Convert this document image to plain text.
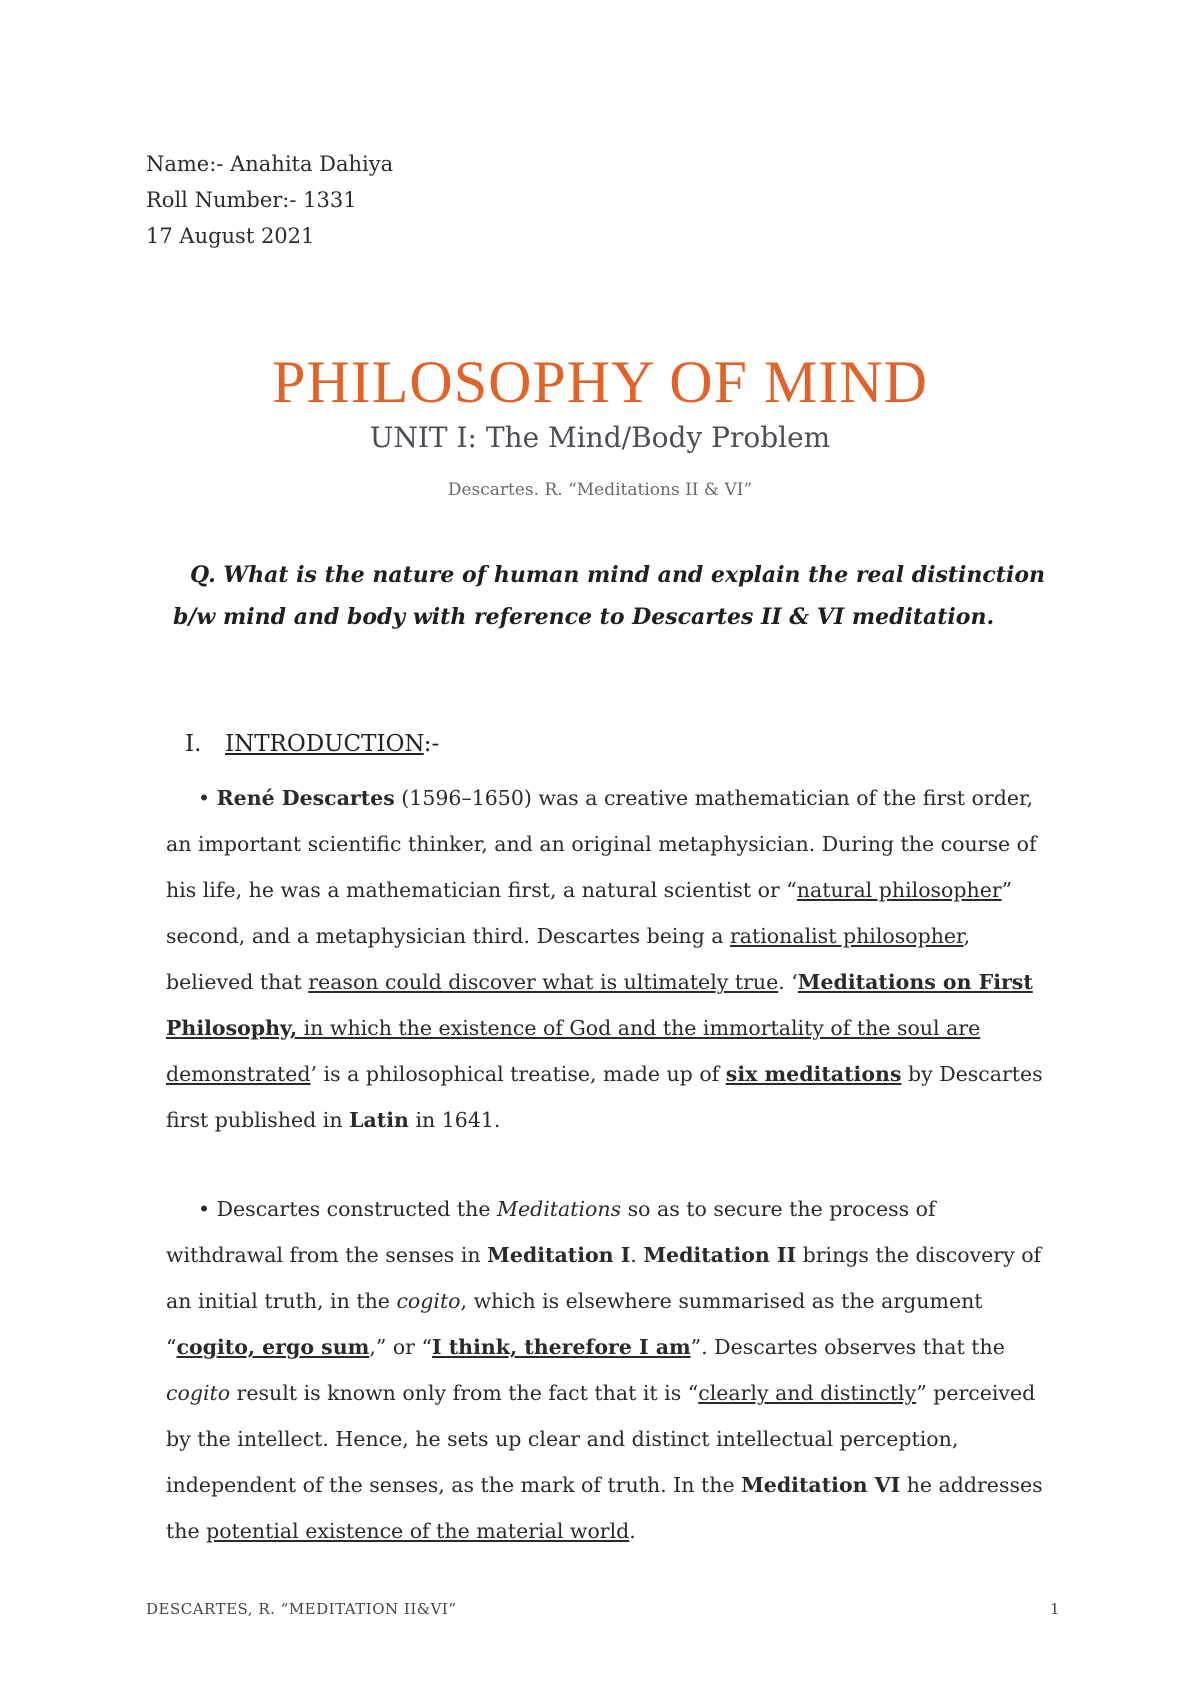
Name:- Anahita Dahiya
Roll Number:- 1331
17 August 2021
PHILOSOPHY OF MIND
UNIT I: The Mind/Body Problem
Descartes. R. “Meditations II & VI”
Q. What is the nature of human mind and explain the real distinction
b/w mind and body with reference to Descartes II & VI meditation.
I. INTRODUCTION:-
• René Descartes (1596–1650) was a creative mathematician of the first order, an important scientific thinker, and an original metaphysician. During the course of his life, he was a mathematician first, a natural scientist or “natural philosopher” second, and a metaphysician third. Descartes being a rationalist philosopher, believed that reason could discover what is ultimately true. ‘Meditations on First Philosophy, in which the existence of God and the immortality of the soul are demonstrated’ is a philosophical treatise, made up of six meditations by Descartes first published in Latin in 1641.
• Descartes constructed the Meditations so as to secure the process of withdrawal from the senses in Meditation I. Meditation II brings the discovery of an initial truth, in the cogito, which is elsewhere summarised as the argument “cogito, ergo sum,” or “I think, therefore I am”. Descartes observes that the cogito result is known only from the fact that it is “clearly and distinctly” perceived by the intellect. Hence, he sets up clear and distinct intellectual perception, independent of the senses, as the mark of truth. In the Meditation VI he addresses the potential existence of the material world.
DESCARTES, R. “MEDITATION II&VI”	1
